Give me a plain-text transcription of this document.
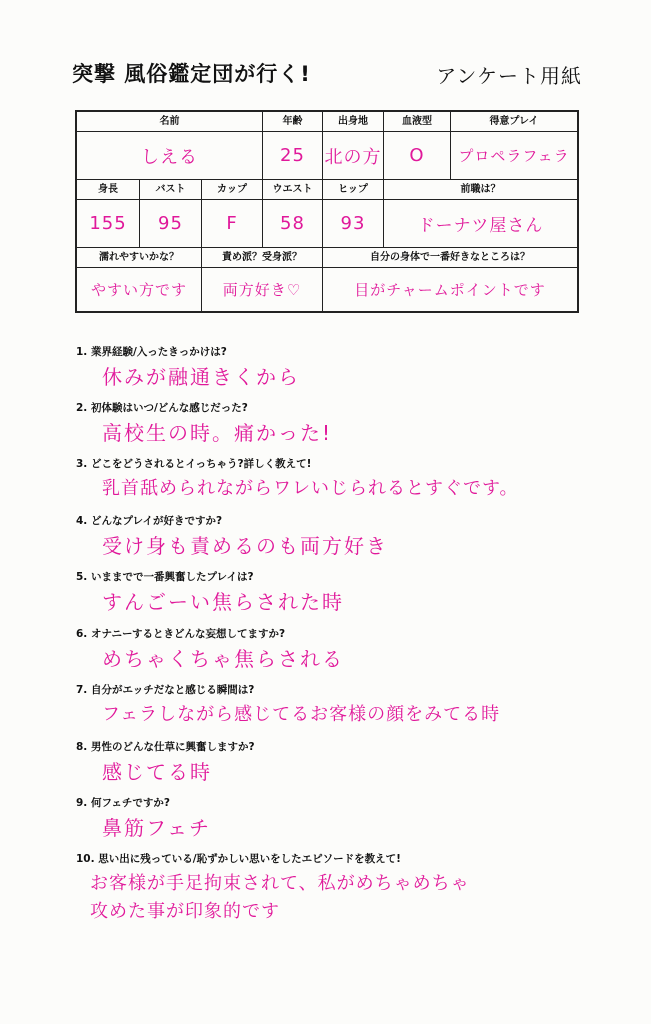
突撃 風俗鑑定団が行く!	アンケート用紙
名前	年齢	出身地	血液型	得意プレイ
しえる	25	北の方	O	プロペラフェラ
身長	バスト	カップ	ウエスト	ヒップ	前職は？
155	95	F	58	93	ドーナツ屋さん
濡れやすいかな？	責め派？受身派？	自分の身体で一番好きなところは？
やすい方です	両方好き♡	目がチャームポイントです
1. 業界経験/入ったきっかけは?
休みが融通きくから
2. 初体験はいつ/どんな感じだった?
高校生の時。痛かった!
3. どこをどうされるとイっちゃう?詳しく教えて!
乳首舐められながらワレいじられるとすぐです。
4. どんなプレイが好きですか?
受け身も責めるのも両方好き
5. いままでで一番興奮したプレイは?
すんごーい焦らされた時
6. オナニーするときどんな妄想してますか?
めちゃくちゃ焦らされる
7. 自分がエッチだなと感じる瞬間は?
フェラしながら感じてるお客様の顔をみてる時
8. 男性のどんな仕草に興奮しますか?
感じてる時
9. 何フェチですか?
鼻筋フェチ
10. 思い出に残っている/恥ずかしい思いをしたエピソードを教えて!
お客様が手足拘束されて、私がめちゃめちゃ
攻めた事が印象的です
